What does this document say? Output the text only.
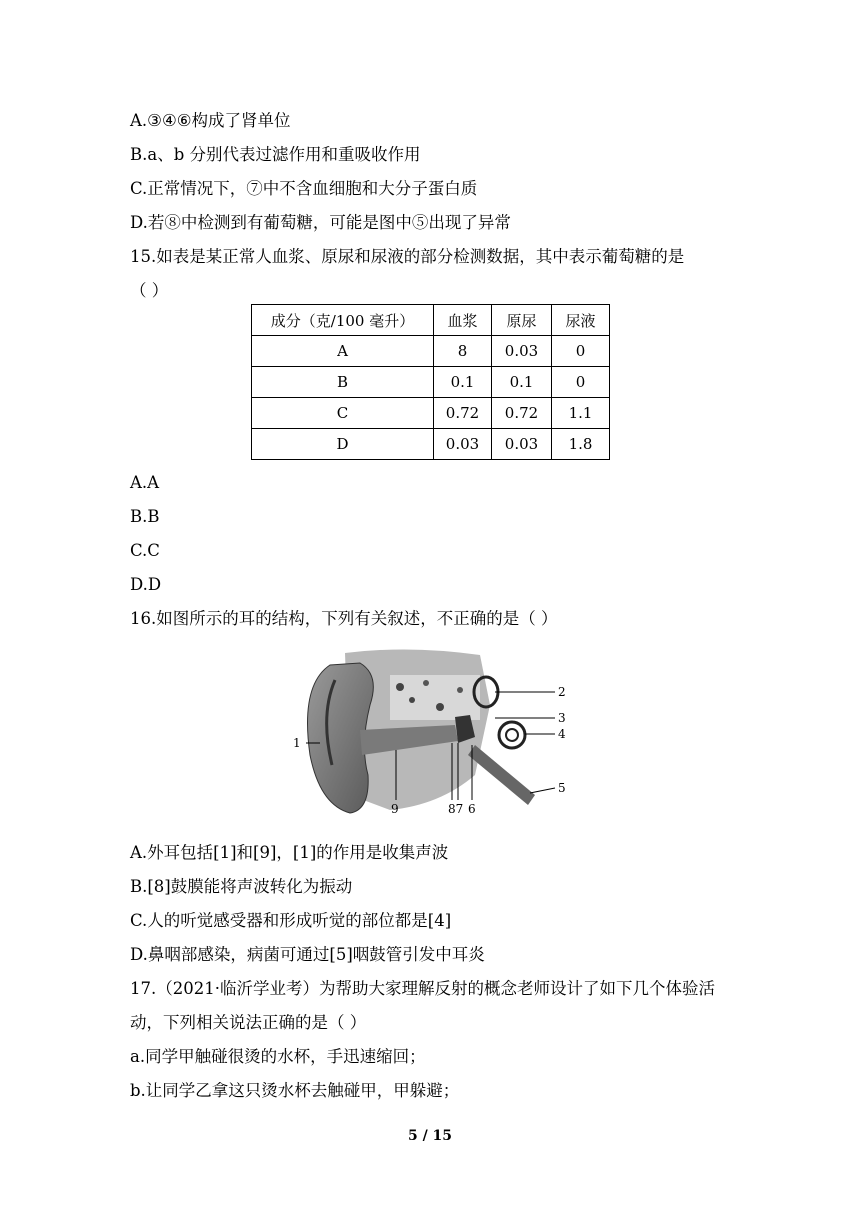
A.③④⑥构成了肾单位
B.a、b 分别代表过滤作用和重吸收作用
C.正常情况下，⑦中不含血细胞和大分子蛋白质
D.若⑧中检测到有葡萄糖，可能是图中⑤出现了异常
15.如表是某正常人血浆、原尿和尿液的部分检测数据，其中表示葡萄糖的是
（ ）
成分（克/100 毫升）	血浆	原尿	尿液
A	8	0.03	0
B	0.1	0.1	0
C	0.72	0.72	1.1
D	0.03	0.03	1.8
A.A
B.B
C.C
D.D
16.如图所示的耳的结构，下列有关叙述，不正确的是（ ）
1
2
3
4
5
6
87
9
A.外耳包括[1]和[9]，[1]的作用是收集声波
B.[8]鼓膜能将声波转化为振动
C.人的听觉感受器和形成听觉的部位都是[4]
D.鼻咽部感染，病菌可通过[5]咽鼓管引发中耳炎
17.（2021·临沂学业考）为帮助大家理解反射的概念老师设计了如下几个体验活
动，下列相关说法正确的是（ ）
a.同学甲触碰很烫的水杯，手迅速缩回；
b.让同学乙拿这只烫水杯去触碰甲，甲躲避；
5 / 15
